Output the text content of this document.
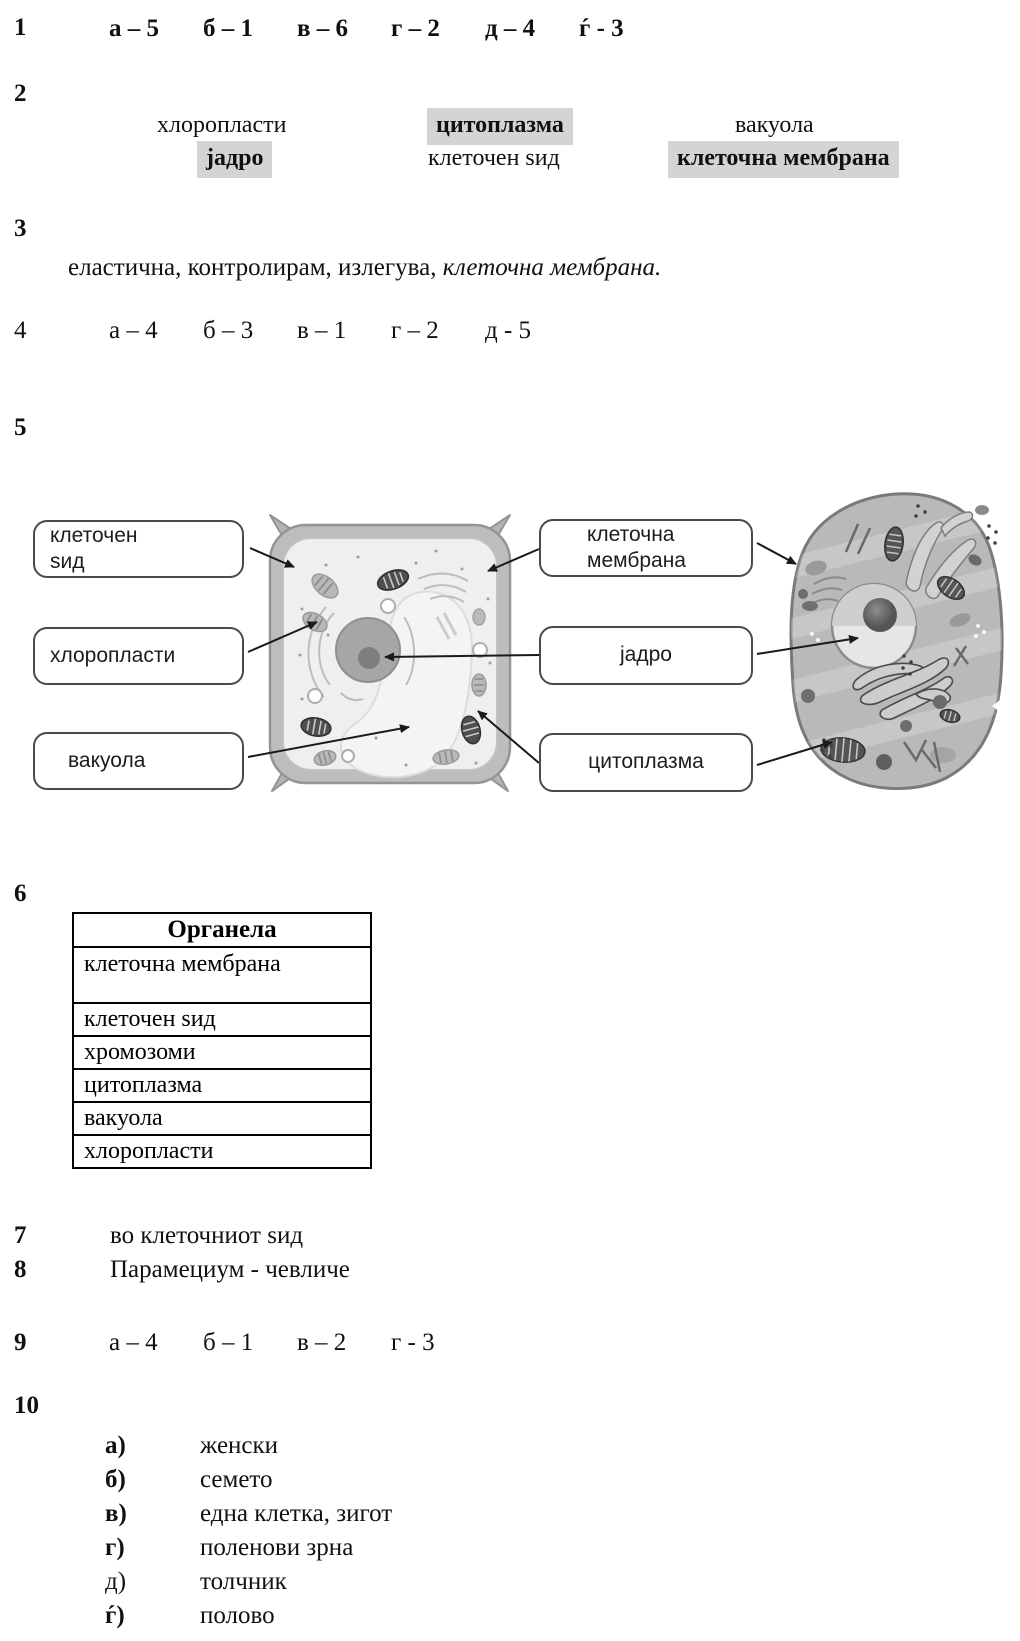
1	а – 5	б – 1	в – 6	г – 2	д – 4	ѓ - 3
2
хлоропласти	цитоплазма	вакуола
јадро	клеточен ѕид	клеточна мембрана
3
еластична, контролирам, излегува, клеточна мембрана.
4	а – 4	б – 3	в – 1	г – 2	д - 5
5
клеточен ѕид
хлоропласти
вакуола
клеточна мембрана
јадро
цитоплазма
6
Органела
клеточна мембрана
клеточен ѕид
хромозоми
цитоплазма
вакуола
хлоропласти
7	во клеточниот ѕид
8	Парамециум - чевличе
9	а – 4	б – 1	в – 2	г - 3
10
а)	женски
б)	семето
в)	една клетка, зигот
г)	поленови зрна
д)	толчник
ѓ)	полово
